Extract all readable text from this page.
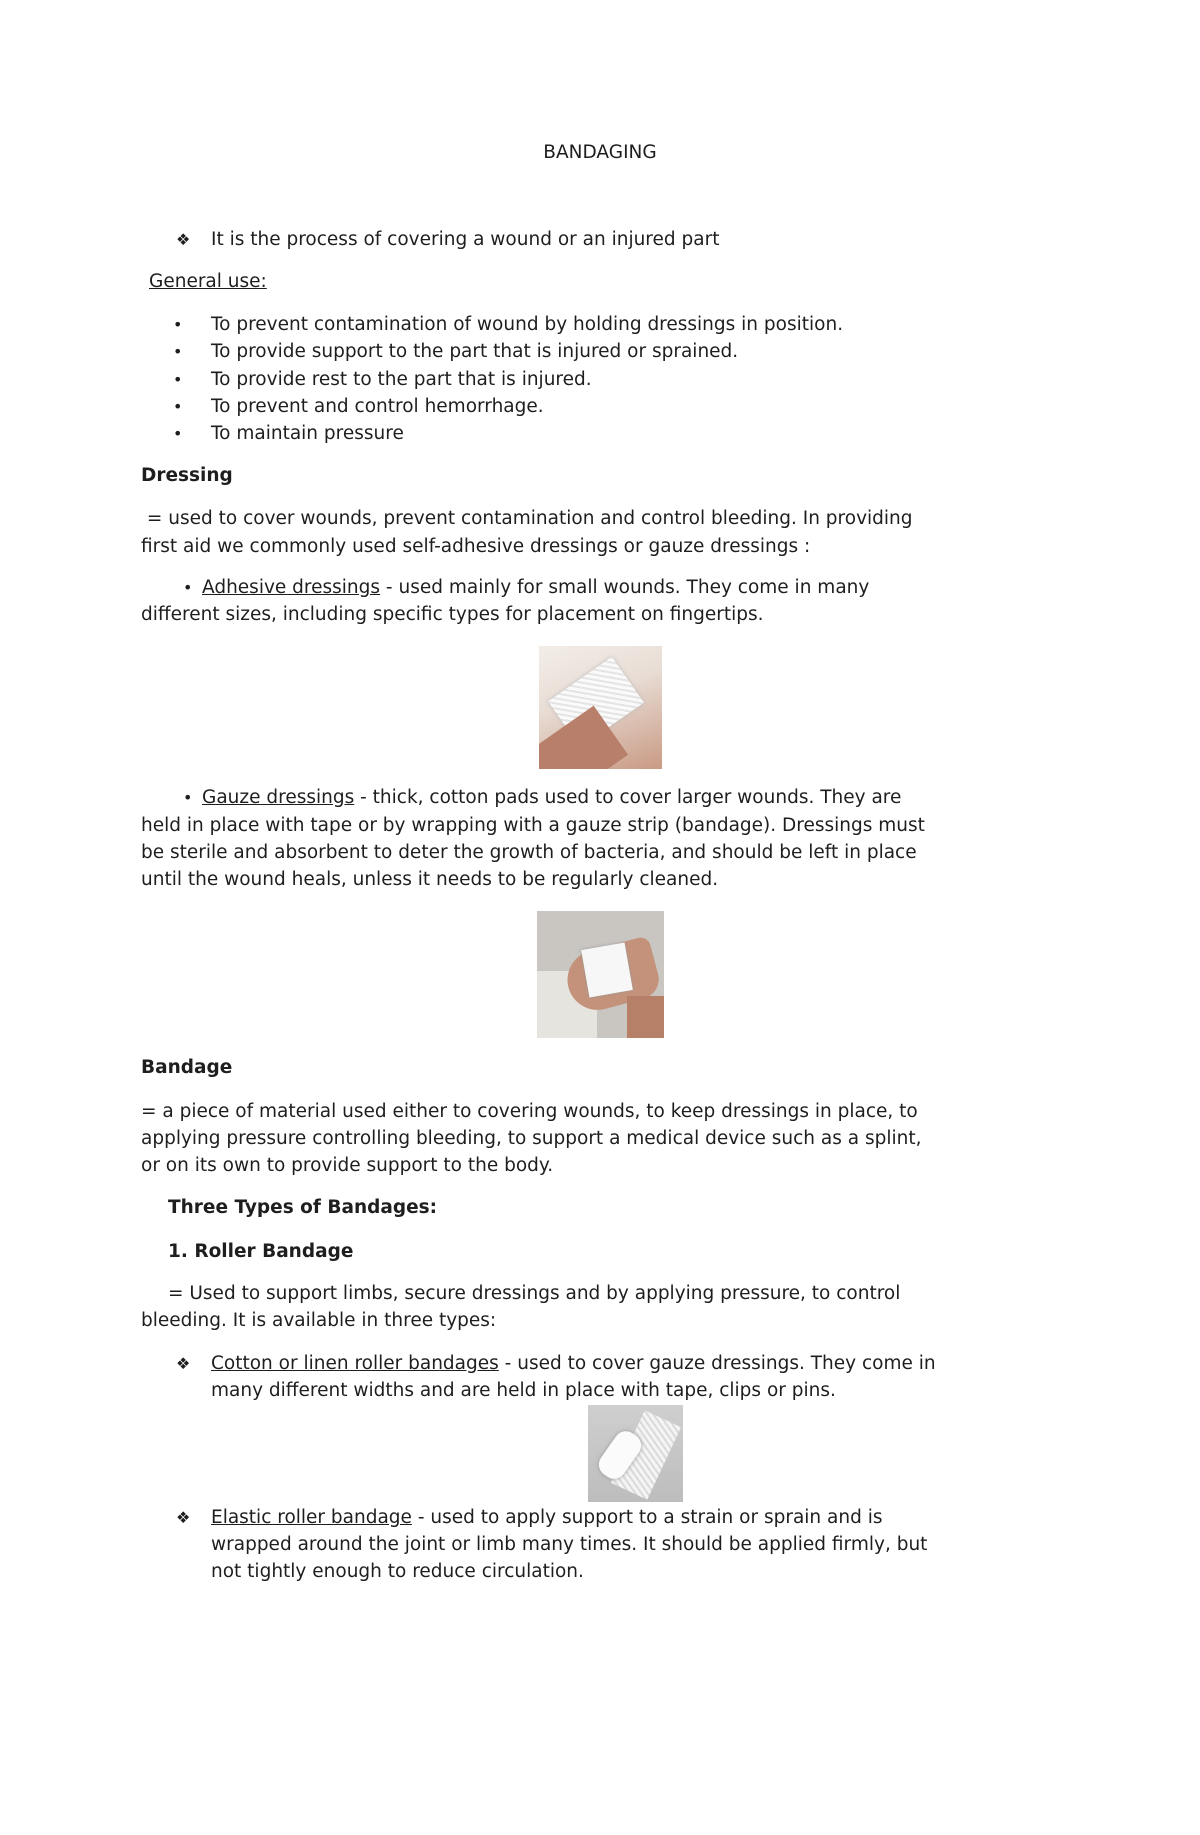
BANDAGING
❖ It is the process of covering a wound or an injured part
General use:
• To prevent contamination of wound by holding dressings in position.
• To provide support to the part that is injured or sprained.
• To provide rest to the part that is injured.
• To prevent and control hemorrhage.
• To maintain pressure
Dressing
= used to cover wounds, prevent contamination and control bleeding. In providing
first aid we commonly used self-adhesive dressings or gauze dressings :
• Adhesive dressings - used mainly for small wounds. They come in many
different sizes, including specific types for placement on fingertips.
• Gauze dressings - thick, cotton pads used to cover larger wounds. They are
held in place with tape or by wrapping with a gauze strip (bandage). Dressings must
be sterile and absorbent to deter the growth of bacteria, and should be left in place
until the wound heals, unless it needs to be regularly cleaned.
Bandage
= a piece of material used either to covering wounds, to keep dressings in place, to
applying pressure controlling bleeding, to support a medical device such as a splint,
or on its own to provide support to the body.
Three Types of Bandages:
1. Roller Bandage
= Used to support limbs, secure dressings and by applying pressure, to control
bleeding. It is available in three types:
❖ Cotton or linen roller bandages - used to cover gauze dressings. They come in
many different widths and are held in place with tape, clips or pins.
❖ Elastic roller bandage - used to apply support to a strain or sprain and is
wrapped around the joint or limb many times. It should be applied firmly, but
not tightly enough to reduce circulation.
